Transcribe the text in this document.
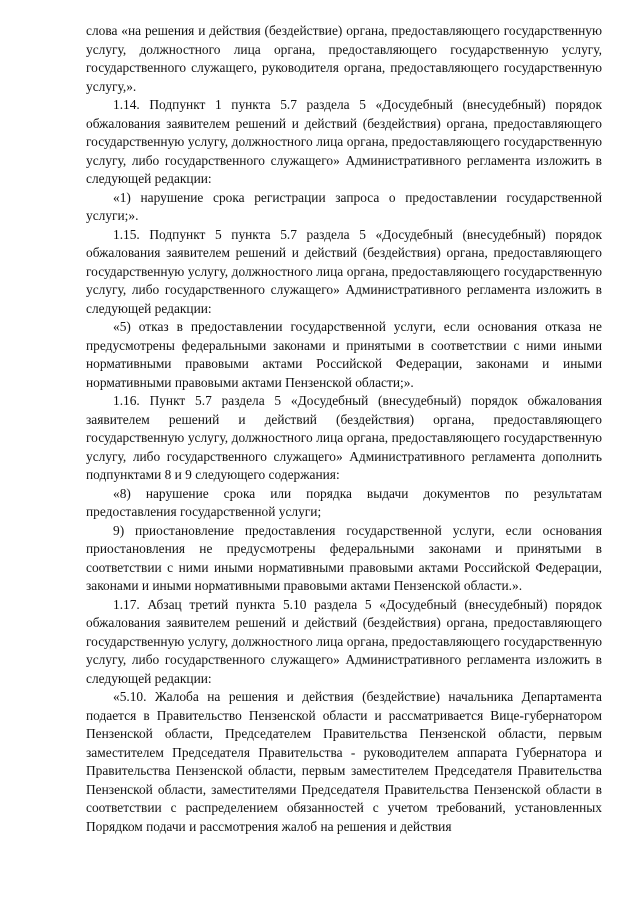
слова «на решения и действия (бездействие) органа, предоставляющего государственную услугу, должностного лица органа, предоставляющего государственную услугу, государственного служащего, руководителя органа, предоставляющего государственную услугу,».

1.14. Подпункт 1 пункта 5.7 раздела 5 «Досудебный (внесудебный) порядок обжалования заявителем решений и действий (бездействия) органа, предоставляющего государственную услугу, должностного лица органа, предоставляющего государственную услугу, либо государственного служащего» Административного регламента изложить в следующей редакции:

«1) нарушение срока регистрации запроса о предоставлении государственной услуги;».

1.15. Подпункт 5 пункта 5.7 раздела 5 «Досудебный (внесудебный) порядок обжалования заявителем решений и действий (бездействия) органа, предоставляющего государственную услугу, должностного лица органа, предоставляющего государственную услугу, либо государственного служащего» Административного регламента изложить в следующей редакции:

«5) отказ в предоставлении государственной услуги, если основания отказа не предусмотрены федеральными законами и принятыми в соответствии с ними иными нормативными правовыми актами Российской Федерации, законами и иными нормативными правовыми актами Пензенской области;».

1.16. Пункт 5.7 раздела 5 «Досудебный (внесудебный) порядок обжалования заявителем решений и действий (бездействия) органа, предоставляющего государственную услугу, должностного лица органа, предоставляющего государственную услугу, либо государственного служащего» Административного регламента дополнить подпунктами 8 и 9 следующего содержания:

«8) нарушение срока или порядка выдачи документов по результатам предоставления государственной услуги;

9) приостановление предоставления государственной услуги, если основания приостановления не предусмотрены федеральными законами и принятыми в соответствии с ними иными нормативными правовыми актами Российской Федерации, законами и иными нормативными правовыми актами Пензенской области.».

1.17. Абзац третий пункта 5.10 раздела 5 «Досудебный (внесудебный) порядок обжалования заявителем решений и действий (бездействия) органа, предоставляющего государственную услугу, должностного лица органа, предоставляющего государственную услугу, либо государственного служащего» Административного регламента изложить в следующей редакции:

«5.10. Жалоба на решения и действия (бездействие) начальника Департамента подается в Правительство Пензенской области и рассматривается Вице-губернатором Пензенской области, Председателем Правительства Пензенской области, первым заместителем Председателя Правительства - руководителем аппарата Губернатора и Правительства Пензенской области, первым заместителем Председателя Правительства Пензенской области, заместителями Председателя Правительства Пензенской области в соответствии с распределением обязанностей с учетом требований, установленных Порядком подачи и рассмотрения жалоб на решения и действия
